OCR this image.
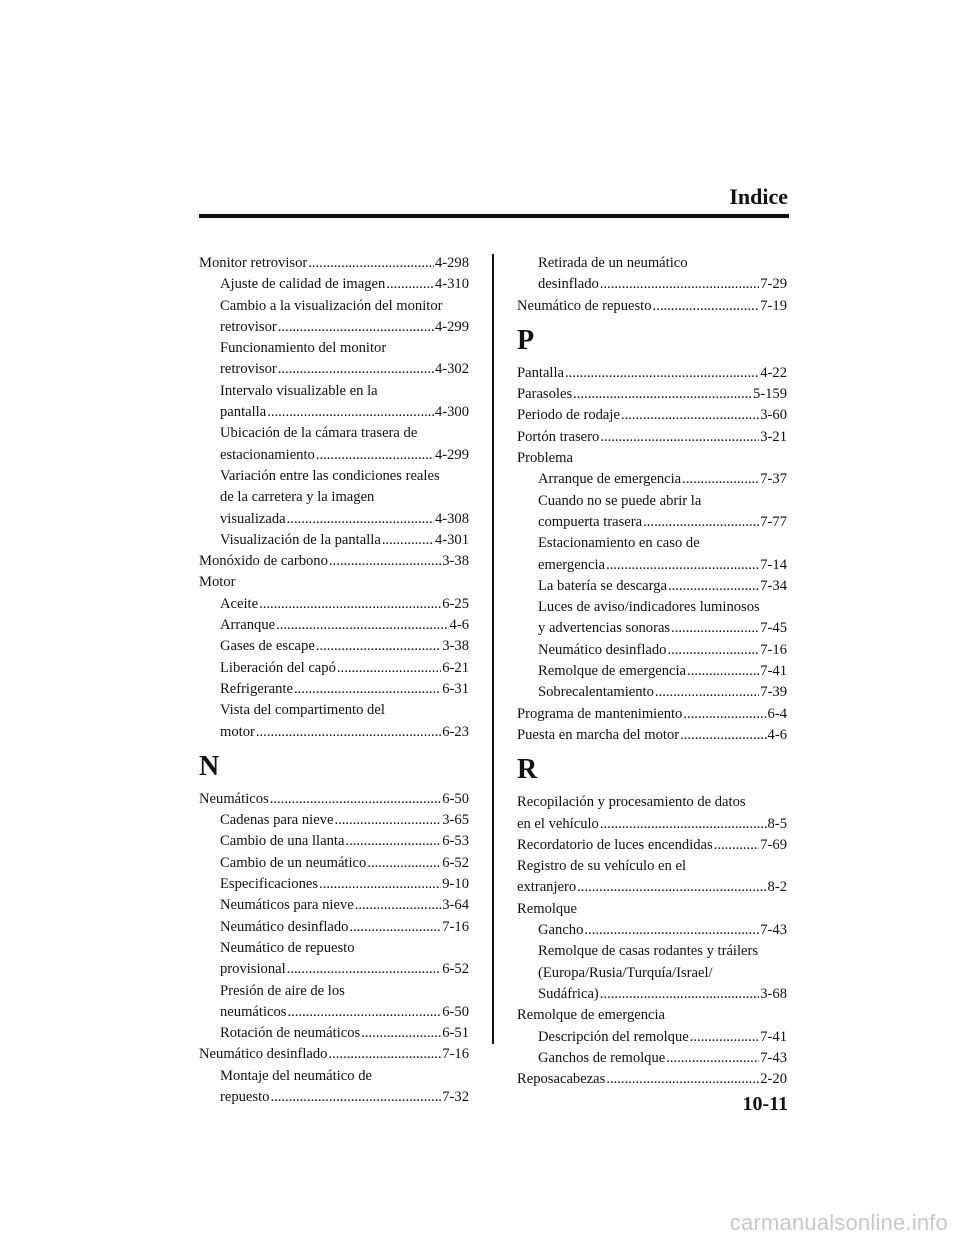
Indice
Monitor retrovisor .....	4-298
Ajuste de calidad de imagen .....	4-310
Cambio a la visualización del monitor
retrovisor .....	4-299
Funcionamiento del monitor
retrovisor .....	4-302
Intervalo visualizable en la
pantalla .....	4-300
Ubicación de la cámara trasera de
estacionamiento .....	4-299
Variación entre las condiciones reales
de la carretera y la imagen
visualizada .....	4-308
Visualización de la pantalla .....	4-301
Monóxido de carbono .....	3-38
Motor
Aceite .....	6-25
Arranque .....	4-6
Gases de escape .....	3-38
Liberación del capó .....	6-21
Refrigerante .....	6-31
Vista del compartimento del
motor .....	6-23
N
Neumáticos .....	6-50
Cadenas para nieve .....	3-65
Cambio de una llanta .....	6-53
Cambio de un neumático .....	6-52
Especificaciones .....	9-10
Neumáticos para nieve .....	3-64
Neumático desinflado .....	7-16
Neumático de repuesto
provisional .....	6-52
Presión de aire de los
neumáticos .....	6-50
Rotación de neumáticos .....	6-51
Neumático desinflado .....	7-16
Montaje del neumático de
repuesto .....	7-32
Retirada de un neumático
desinflado .....	7-29
Neumático de repuesto .....	7-19
P
Pantalla .....	4-22
Parasoles .....	5-159
Periodo de rodaje .....	3-60
Portón trasero .....	3-21
Problema
Arranque de emergencia .....	7-37
Cuando no se puede abrir la
compuerta trasera .....	7-77
Estacionamiento en caso de
emergencia .....	7-14
La batería se descarga .....	7-34
Luces de aviso/indicadores luminosos
y advertencias sonoras .....	7-45
Neumático desinflado .....	7-16
Remolque de emergencia .....	7-41
Sobrecalentamiento .....	7-39
Programa de mantenimiento .....	6-4
Puesta en marcha del motor .....	4-6
R
Recopilación y procesamiento de datos
en el vehículo .....	8-5
Recordatorio de luces encendidas .....	7-69
Registro de su vehículo en el
extranjero .....	8-2
Remolque
Gancho .....	7-43
Remolque de casas rodantes y tráilers
(Europa/Rusia/Turquía/Israel/
Sudáfrica) .....	3-68
Remolque de emergencia
Descripción del remolque .....	7-41
Ganchos de remolque .....	7-43
Reposacabezas .....	2-20
10-11
carmanualsonline.info
